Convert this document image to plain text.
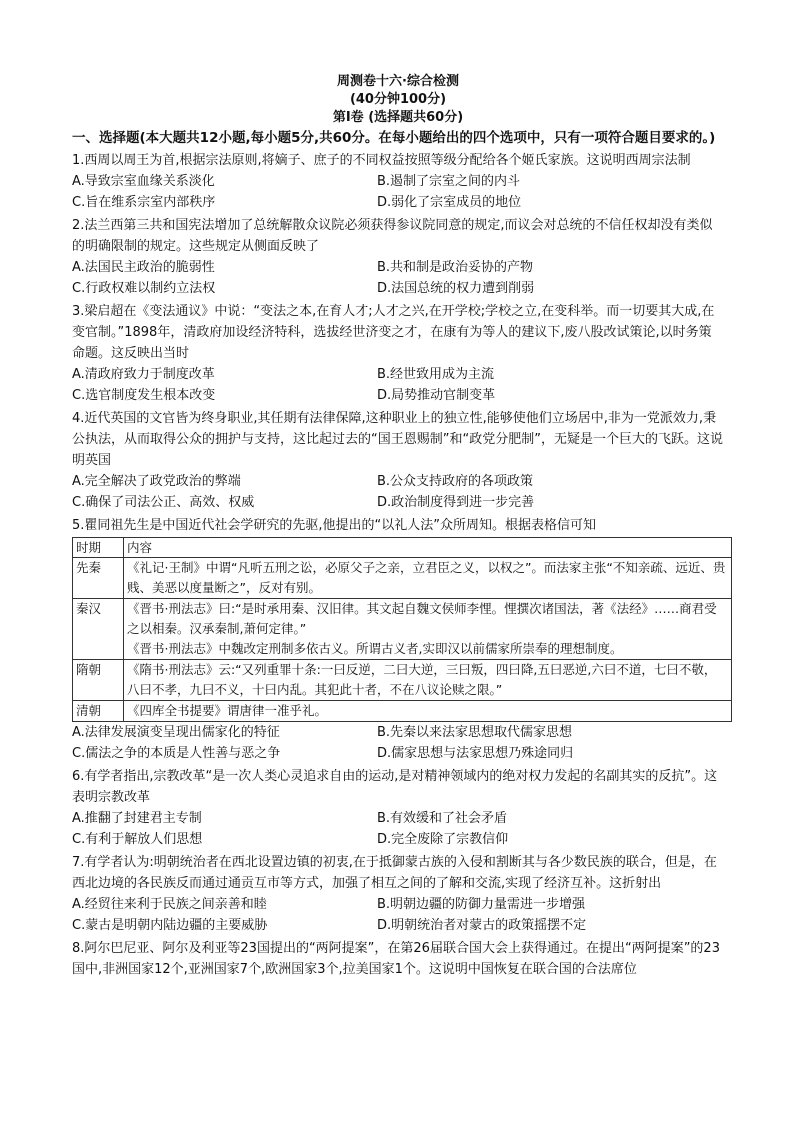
周测卷十六·综合检测
(40分钟100分)
第Ⅰ卷 (选择题共60分)
一、选择题(本大题共12小题,每小题5分,共60分。在每小题给出的四个选项中，只有一项符合题目要求的。)
1.西周以周王为首,根据宗法原则,将嫡子、庶子的不同权益按照等级分配给各个姬氏家族。这说明西周宗法制
A.导致宗室血缘关系淡化	B.遏制了宗室之间的内斗
C.旨在维系宗室内部秩序	D.弱化了宗室成员的地位
2.法兰西第三共和国宪法增加了总统解散众议院必须获得参议院同意的规定,而议会对总统的不信任权却没有类似的明确限制的规定。这些规定从侧面反映了
A.法国民主政治的脆弱性	B.共和制是政治妥协的产物
C.行政权难以制约立法权	D.法国总统的权力遭到削弱
3.梁启超在《变法通议》中说：“变法之本,在育人才;人才之兴,在开学校;学校之立,在变科举。而一切要其大成,在变官制。”1898年，清政府加设经济特科，选拔经世济变之才，在康有为等人的建议下,废八股改试策论,以时务策命题。这反映出当时
A.清政府致力于制度改革	B.经世致用成为主流
C.选官制度发生根本改变	D.局势推动官制变革
4.近代英国的文官皆为终身职业,其任期有法律保障,这种职业上的独立性,能够使他们立场居中,非为一党派效力,秉公执法，从而取得公众的拥护与支持，这比起过去的“国王恩赐制”和“政党分肥制”，无疑是一个巨大的飞跃。这说明英国
A.完全解决了政党政治的弊端	B.公众支持政府的各项政策
C.确保了司法公正、高效、权威	D.政治制度得到进一步完善
5.瞿同祖先生是中国近代社会学研究的先驱,他提出的“以礼人法”众所周知。根据表格信可知
时期	内容
先秦	《礼记·王制》中谓“凡听五刑之讼，必原父子之亲，立君臣之义，以权之”。而法家主张“不知亲疏、远近、贵贱、美恶以度量断之”，反对有别。

秦汉	《晋书·刑法志》曰:“是时承用秦、汉旧律。其文起自魏文侯师李悝。悝撰次诸国法，著《法经》……商君受之以相秦。汉承秦制,萧何定律。”
《晋书·刑法志》中魏改定刑制多依古义。所谓古义者,实即汉以前儒家所崇奉的理想制度。

隋朝	《隋书·刑法志》云:“又列重罪十条:一曰反逆，二曰大逆，三曰叛，四曰降,五曰恶逆,六曰不道，七曰不敬，八曰不孝，九曰不义，十曰内乱。其犯此十者，不在八议论赎之限。”

清朝	《四库全书提要》谓唐律一准乎礼。
A.法律发展演变呈现出儒家化的特征	B.先秦以来法家思想取代儒家思想
C.儒法之争的本质是人性善与恶之争	D.儒家思想与法家思想乃殊途同归
6.有学者指出,宗教改革“是一次人类心灵追求自由的运动,是对精神领域内的绝对权力发起的名副其实的反抗”。这表明宗教改革
A.推翻了封建君主专制	B.有效缓和了社会矛盾
C.有利于解放人们思想	D.完全废除了宗教信仰
7.有学者认为:明朝统治者在西北设置边镇的初衷,在于抵御蒙古族的入侵和割断其与各少数民族的联合，但是，在西北边境的各民族反而通过通贡互市等方式，加强了相互之间的了解和交流,实现了经济互补。这折射出
A.经贸往来利于民族之间亲善和睦	B.明朝边疆的防御力量需进一步增强
C.蒙古是明朝内陆边疆的主要威胁	D.明朝统治者对蒙古的政策摇摆不定
8.阿尔巴尼亚、阿尔及利亚等23国提出的“两阿提案”，在第26届联合国大会上获得通过。在提出“两阿提案”的23国中,非洲国家12个,亚洲国家7个,欧洲国家3个,拉美国家1个。这说明中国恢复在联合国的合法席位
